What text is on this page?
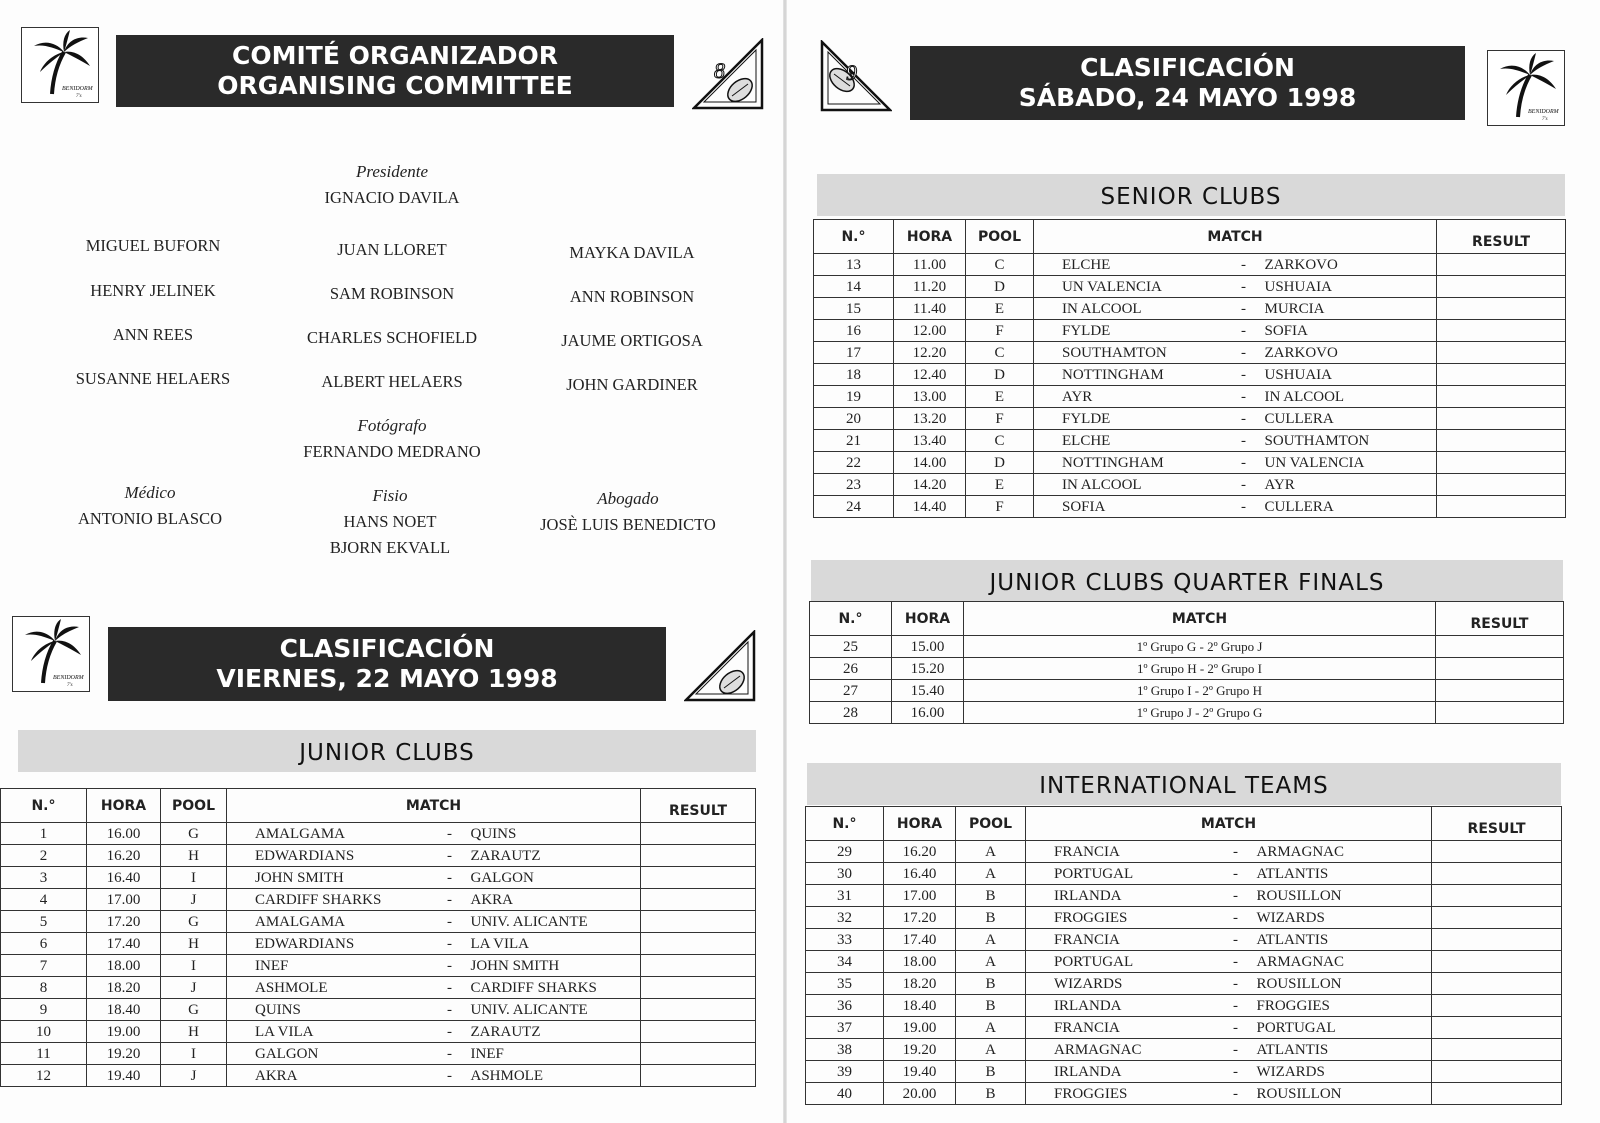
BENIDORM
7's
COMITÉ ORGANIZADOR
ORGANISING COMMITTEE
8
Presidente
IGNACIO DAVILA
MIGUEL BUFORN	JUAN LLORET	MAYKA DAVILA
HENRY JELINEK	SAM ROBINSON	ANN ROBINSON
ANN REES	CHARLES SCHOFIELD	JAUME ORTIGOSA
SUSANNE HELAERS	ALBERT HELAERS	JOHN GARDINER
Fotógrafo
FERNANDO MEDRANO
Médico
ANTONIO BLASCO
Fisio
HANS NOET
BJORN EKVALL
Abogado
JOSÈ LUIS BENEDICTO
BENIDORM
7's
CLASIFICACIÓN
VIERNES, 22 MAYO 1998
JUNIOR CLUBS
N.°	HORA	POOL	MATCH			RESULT
1	16.00	G	AMALGAMA	-	QUINS	
2	16.20	H	EDWARDIANS	-	ZARAUTZ	
3	16.40	I	JOHN SMITH	-	GALGON	
4	17.00	J	CARDIFF SHARKS	-	AKRA	
5	17.20	G	AMALGAMA	-	UNIV. ALICANTE	
6	17.40	H	EDWARDIANS	-	LA VILA	
7	18.00	I	INEF	-	JOHN SMITH	
8	18.20	J	ASHMOLE	-	CARDIFF SHARKS	
9	18.40	G	QUINS	-	UNIV. ALICANTE	
10	19.00	H	LA VILA	-	ZARAUTZ	
11	19.20	I	GALGON	-	INEF	
12	19.40	J	AKRA	-	ASHMOLE	
9	CLASIFICACIÓN
SÁBADO, 24 MAYO 1998	BENIDORM
7's
SENIOR CLUBS
N.°	HORA	POOL	MATCH			RESULT
13	11.00	C	ELCHE	-	ZARKOVO	
14	11.20	D	UN VALENCIA	-	USHUAIA	
15	11.40	E	IN ALCOOL	-	MURCIA	
16	12.00	F	FYLDE	-	SOFIA	
17	12.20	C	SOUTHAMTON	-	ZARKOVO	
18	12.40	D	NOTTINGHAM	-	USHUAIA	
19	13.00	E	AYR	-	IN ALCOOL	
20	13.20	F	FYLDE	-	CULLERA	
21	13.40	C	ELCHE	-	SOUTHAMTON	
22	14.00	D	NOTTINGHAM	-	UN VALENCIA	
23	14.20	E	IN ALCOOL	-	AYR	
24	14.40	F	SOFIA	-	CULLERA	
JUNIOR CLUBS QUARTER FINALS
N.°	HORA	MATCH	RESULT
25	15.00	1º Grupo G - 2º Grupo J	
26	15.20	1º Grupo H - 2º Grupo I	
27	15.40	1º Grupo I - 2º Grupo H	
28	16.00	1º Grupo J - 2º Grupo G	
INTERNATIONAL TEAMS
N.°	HORA	POOL	MATCH			RESULT
29	16.20	A	FRANCIA	-	ARMAGNAC	
30	16.40	A	PORTUGAL	-	ATLANTIS	
31	17.00	B	IRLANDA	-	ROUSILLON	
32	17.20	B	FROGGIES	-	WIZARDS	
33	17.40	A	FRANCIA	-	ATLANTIS	
34	18.00	A	PORTUGAL	-	ARMAGNAC	
35	18.20	B	WIZARDS	-	ROUSILLON	
36	18.40	B	IRLANDA	-	FROGGIES	
37	19.00	A	FRANCIA	-	PORTUGAL	
38	19.20	A	ARMAGNAC	-	ATLANTIS	
39	19.40	B	IRLANDA	-	WIZARDS	
40	20.00	B	FROGGIES	-	ROUSILLON	
